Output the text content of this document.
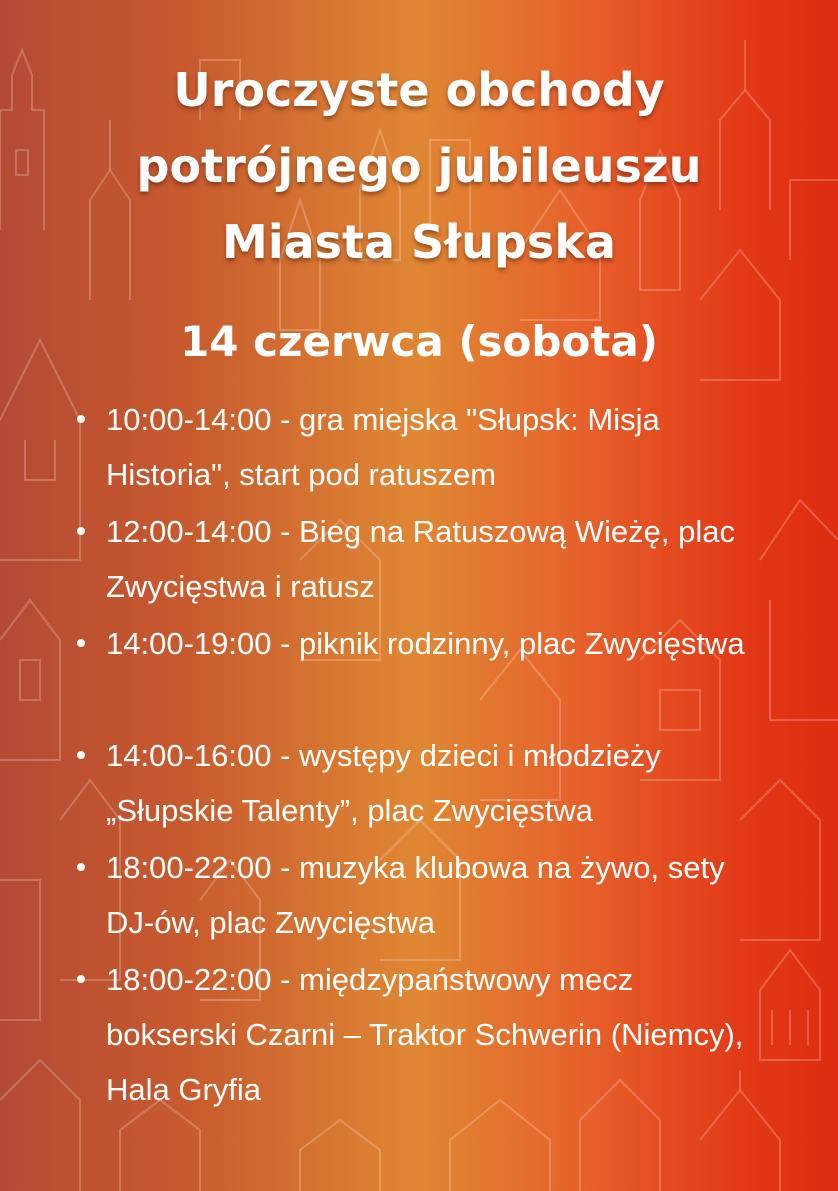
Uroczyste obchody
potrójnego jubileuszu
Miasta Słupska
14 czerwca (sobota)
10:00-14:00 - gra miejska "Słupsk: Misja Historia", start pod ratuszem
12:00-14:00 - Bieg na Ratuszową Wieżę, plac Zwycięstwa i ratusz
14:00-19:00 - piknik rodzinny, plac Zwycięstwa
14:00-16:00 - występy dzieci i młodzieży „Słupskie Talenty”, plac Zwycięstwa
18:00-22:00 - muzyka klubowa na żywo, sety DJ-ów, plac Zwycięstwa
18:00-22:00 - międzypaństwowy mecz bokserski Czarni – Traktor Schwerin (Niemcy), Hala Gryfia
